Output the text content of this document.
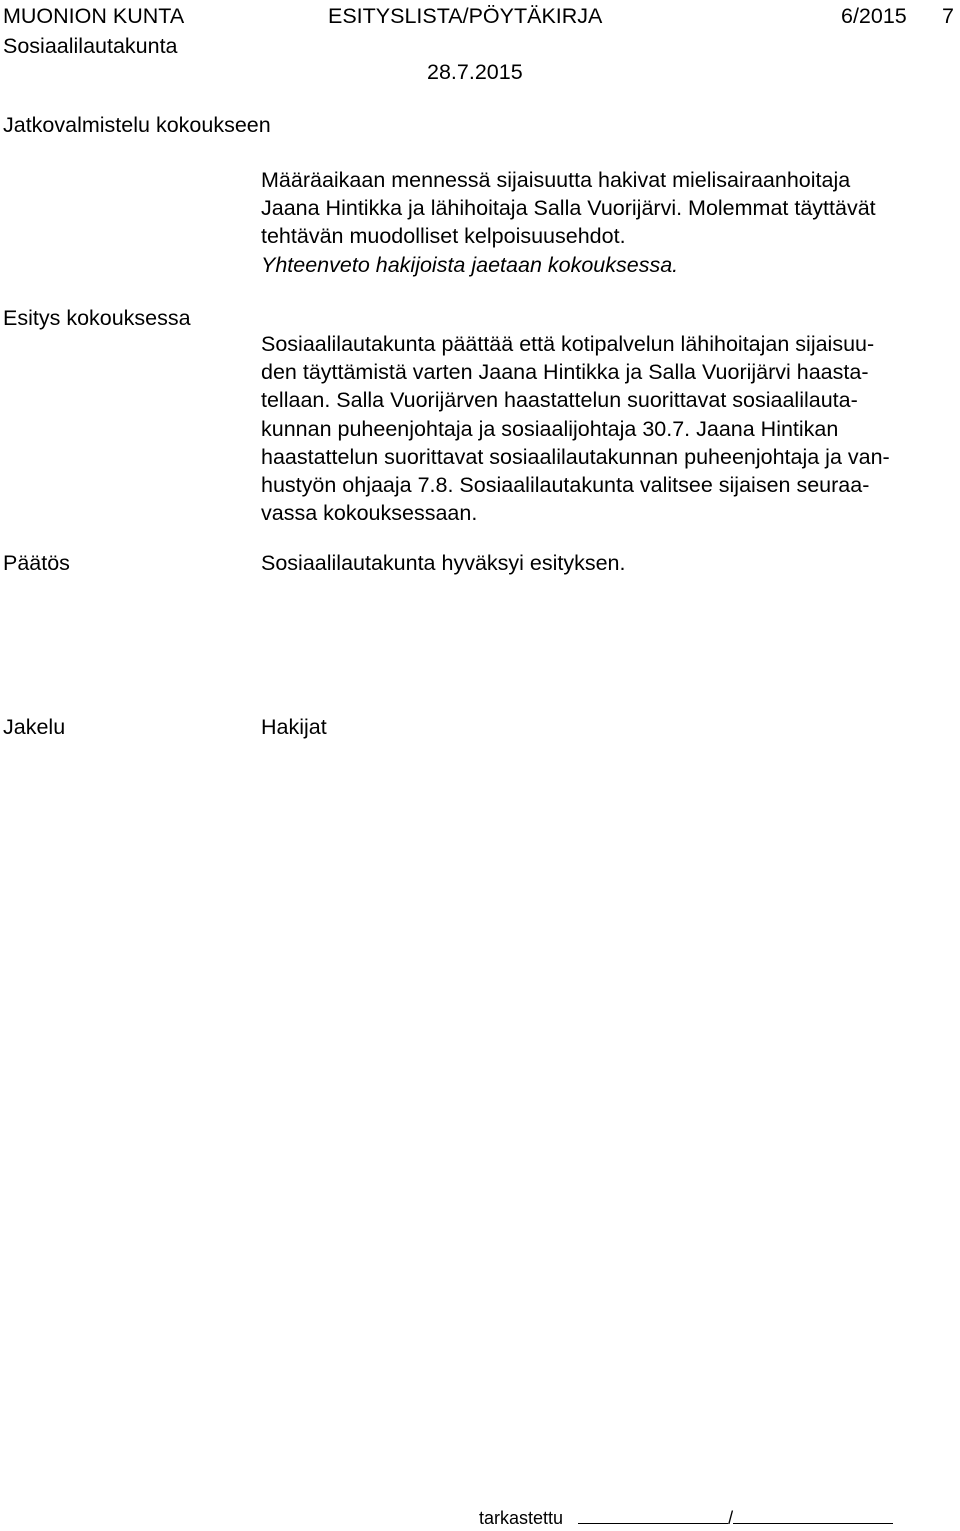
MUONION KUNTA	ESITYSLISTA/PÖYTÄKIRJA	6/2015 7
Sosiaalilautakunta
28.7.2015
Jatkovalmistelu kokoukseen
Määräaikaan mennessä sijaisuutta hakivat mielisairaanhoitaja
Jaana Hintikka ja lähihoitaja Salla Vuorijärvi. Molemmat täyttävät
tehtävän muodolliset kelpoisuusehdot.
Yhteenveto hakijoista jaetaan kokouksessa.
Esitys kokouksessa
Sosiaalilautakunta päättää että kotipalvelun lähihoitajan sijaisuu-
den täyttämistä varten Jaana Hintikka ja Salla Vuorijärvi haasta-
tellaan. Salla Vuorijärven haastattelun suorittavat sosiaalilauta-
kunnan puheenjohtaja ja sosiaalijohtaja 30.7. Jaana Hintikan
haastattelun suorittavat sosiaalilautakunnan puheenjohtaja ja van-
hustyön ohjaaja 7.8. Sosiaalilautakunta valitsee sijaisen seuraa-
vassa kokouksessaan.
Päätös	Sosiaalilautakunta hyväksyi esityksen.
Jakelu	Hakijat
tarkastettu	/
